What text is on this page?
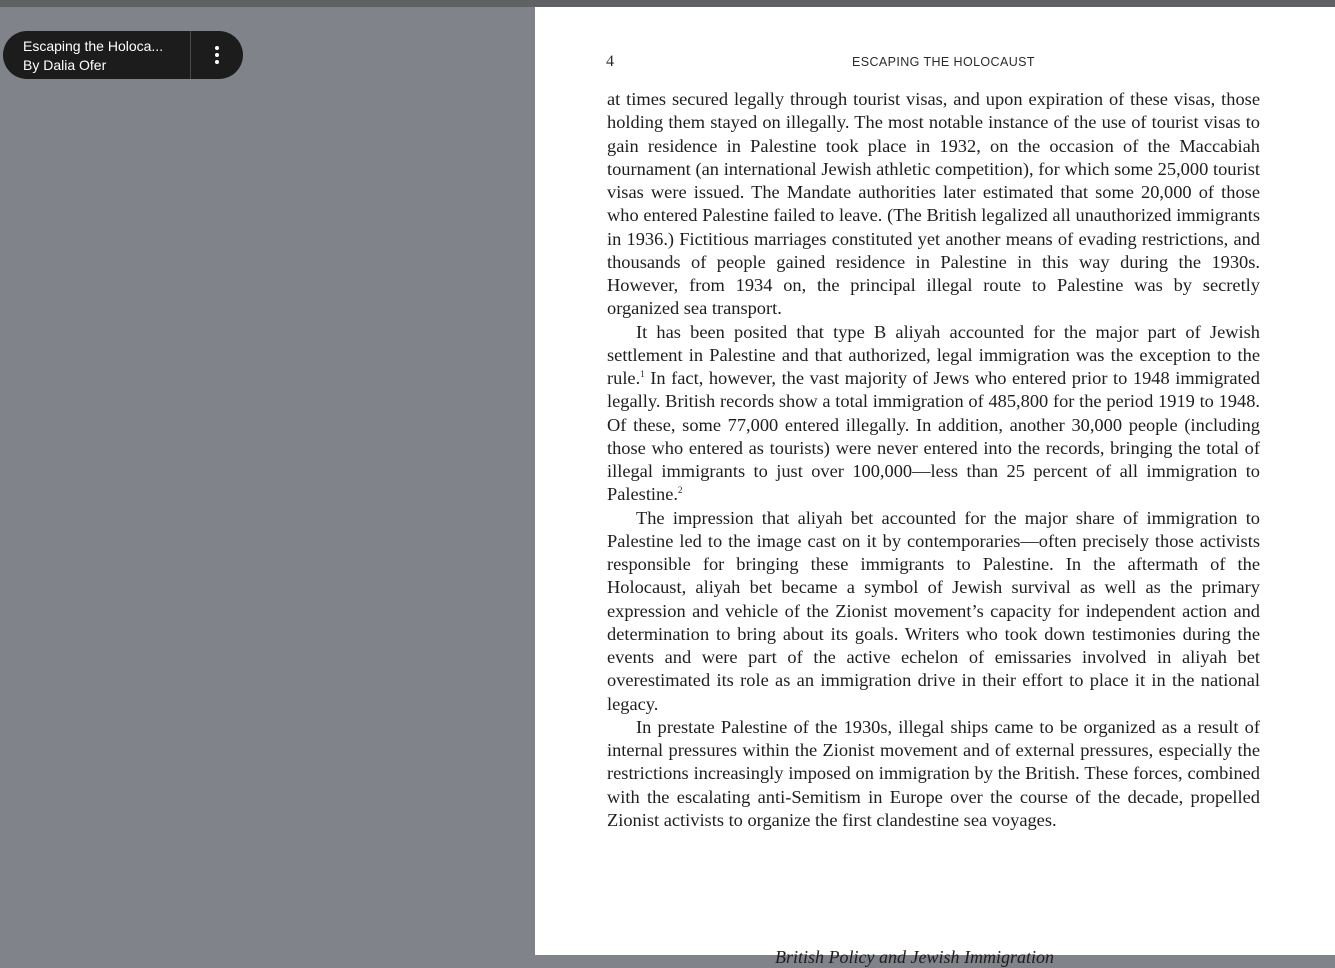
Escaping the Holoca...
By Dalia Ofer	4	ESCAPING THE HOLOCAUST

at times secured legally through tourist visas, and upon expiration of these visas, those holding them stayed on illegally. The most notable instance of the use of tourist visas to gain residence in Palestine took place in 1932, on the occasion of the Maccabiah tournament (an international Jewish athletic competition), for which some 25,000 tourist visas were issued. The Mandate authorities later estimated that some 20,000 of those who entered Palestine failed to leave. (The British legalized all unauthorized immigrants in 1936.) Fictitious marriages constituted yet another means of evading restrictions, and thousands of people gained residence in Palestine in this way during the 1930s. However, from 1934 on, the principal illegal route to Palestine was by secretly organized sea transport.

It has been posited that type B aliyah accounted for the major part of Jewish settlement in Palestine and that authorized, legal immigration was the exception to the rule.$^1$ In fact, however, the vast majority of Jews who entered prior to 1948 immigrated legally. British records show a total immigration of 485,800 for the period 1919 to 1948. Of these, some 77,000 entered illegally. In addition, another 30,000 people (including those who entered as tourists) were never entered into the records, bringing the total of illegal immigrants to just over 100,000—less than 25 percent of all immigration to Palestine.$^2$

The impression that aliyah bet accounted for the major share of immigration to Palestine led to the image cast on it by contemporaries—often precisely those activists responsible for bringing these immigrants to Palestine. In the aftermath of the Holocaust, aliyah bet became a symbol of Jewish survival as well as the primary expression and vehicle of the Zionist movement’s capacity for independent action and determination to bring about its goals. Writers who took down testimonies during the events and were part of the active echelon of emissaries involved in aliyah bet overestimated its role as an immigration drive in their effort to place it in the national legacy.

In prestate Palestine of the 1930s, illegal ships came to be organized as a result of internal pressures within the Zionist movement and of external pressures, especially the restrictions increasingly imposed on immigration by the British. These forces, combined with the escalating anti-Semitism in Europe over the course of the decade, propelled Zionist activists to organize the first clandestine sea voyages.

British Policy and Jewish Immigration
